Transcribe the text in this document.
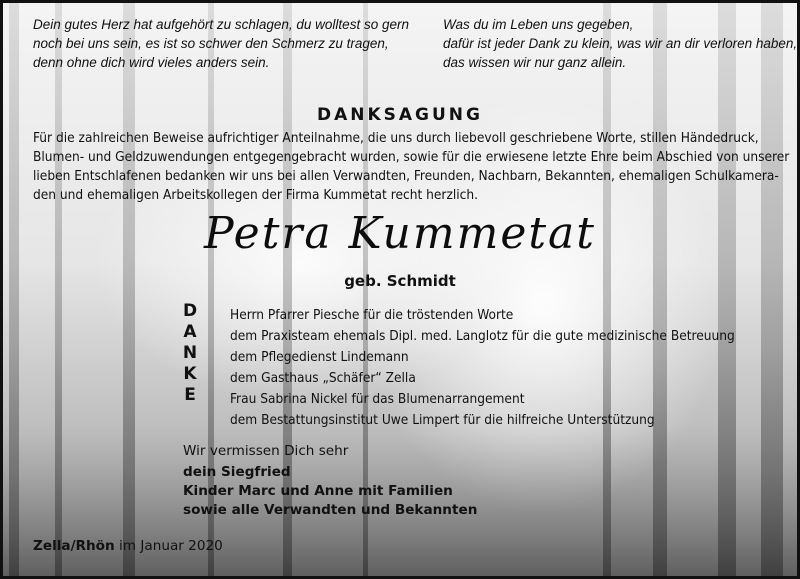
Dein gutes Herz hat aufgehört zu schlagen, du wolltest so gern
noch bei uns sein, es ist so schwer den Schmerz zu tragen,
denn ohne dich wird vieles anders sein.
Was du im Leben uns gegeben,
dafür ist jeder Dank zu klein, was wir an dir verloren haben,
das wissen wir nur ganz allein.
DANKSAGUNG
Für die zahlreichen Beweise aufrichtiger Anteilnahme, die uns durch liebevoll geschriebene Worte, stillen Händedruck,
Blumen- und Geldzuwendungen entgegengebracht wurden, sowie für die erwiesene letzte Ehre beim Abschied von unserer
lieben Entschlafenen bedanken wir uns bei allen Verwandten, Freunden, Nachbarn, Bekannten, ehemaligen Schulkamera-
den und ehemaligen Arbeitskollegen der Firma Kummetat recht herzlich.
Petra Kummetat
geb. Schmidt
D
A
N
K
E
Herrn Pfarrer Piesche für die tröstenden Worte
dem Praxisteam ehemals Dipl. med. Langlotz für die gute medizinische Betreuung
dem Pflegedienst Lindemann
dem Gasthaus „Schäfer“ Zella
Frau Sabrina Nickel für das Blumenarrangement
dem Bestattungsinstitut Uwe Limpert für die hilfreiche Unterstützung
Wir vermissen Dich sehr
dein Siegfried
Kinder Marc und Anne mit Familien
sowie alle Verwandten und Bekannten
Zella/Rhön im Januar 2020
